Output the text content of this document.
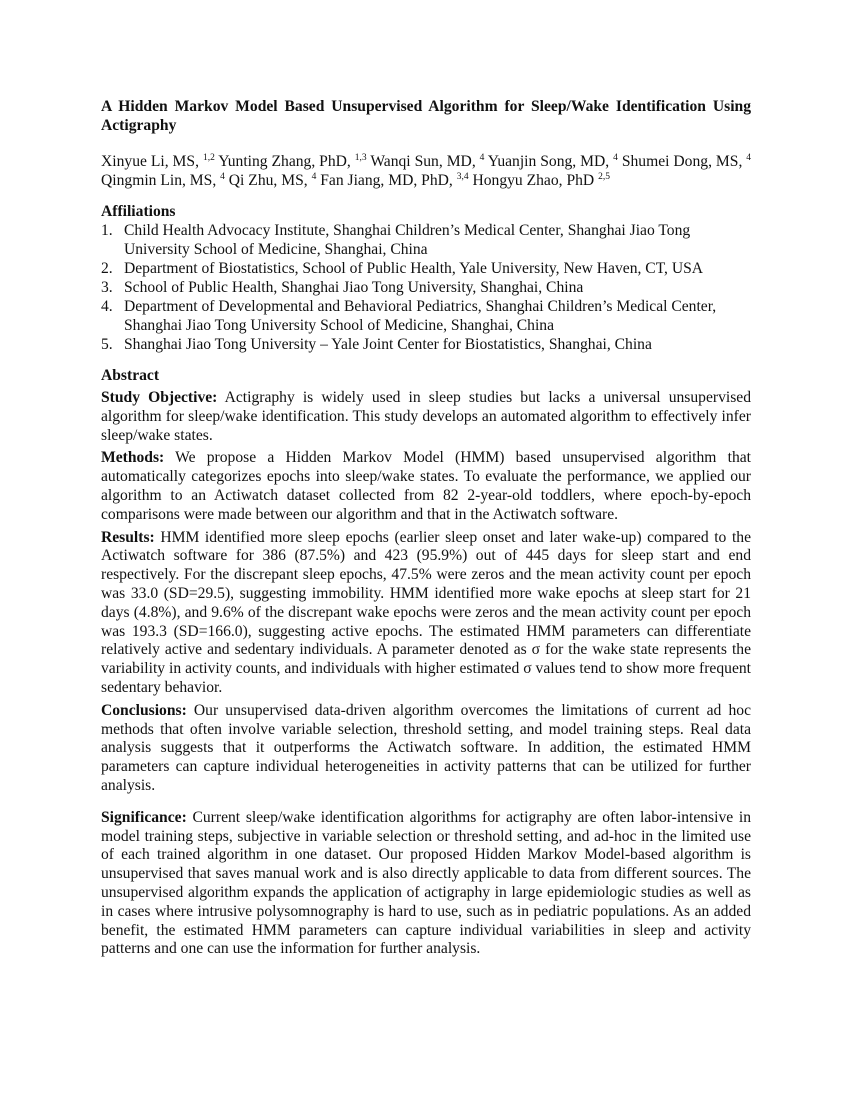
A Hidden Markov Model Based Unsupervised Algorithm for Sleep/Wake Identification Using Actigraphy
Xinyue Li, MS, $^{1,2}$ Yunting Zhang, PhD, $^{1,3}$ Wanqi Sun, MD, $^4$ Yuanjin Song, MD, $^4$ Shumei Dong, MS, $^4$ Qingmin Lin, MS, $^4$ Qi Zhu, MS, $^4$ Fan Jiang, MD, PhD, $^{3,4}$ Hongyu Zhao, PhD $^{2,5}$
Affiliations
1. Child Health Advocacy Institute, Shanghai Children’s Medical Center, Shanghai Jiao Tong University School of Medicine, Shanghai, China
2. Department of Biostatistics, School of Public Health, Yale University, New Haven, CT, USA
3. School of Public Health, Shanghai Jiao Tong University, Shanghai, China
4. Department of Developmental and Behavioral Pediatrics, Shanghai Children’s Medical Center, Shanghai Jiao Tong University School of Medicine, Shanghai, China
5. Shanghai Jiao Tong University – Yale Joint Center for Biostatistics, Shanghai, China
Abstract

Study Objective: Actigraphy is widely used in sleep studies but lacks a universal unsupervised algorithm for sleep/wake identification. This study develops an automated algorithm to effectively infer sleep/wake states.

Methods: We propose a Hidden Markov Model (HMM) based unsupervised algorithm that automatically categorizes epochs into sleep/wake states. To evaluate the performance, we applied our algorithm to an Actiwatch dataset collected from 82 2-year-old toddlers, where epoch-by-epoch comparisons were made between our algorithm and that in the Actiwatch software.

Results: HMM identified more sleep epochs (earlier sleep onset and later wake-up) compared to the Actiwatch software for 386 (87.5%) and 423 (95.9%) out of 445 days for sleep start and end respectively. For the discrepant sleep epochs, 47.5% were zeros and the mean activity count per epoch was 33.0 (SD=29.5), suggesting immobility. HMM identified more wake epochs at sleep start for 21 days (4.8%), and 9.6% of the discrepant wake epochs were zeros and the mean activity count per epoch was 193.3 (SD=166.0), suggesting active epochs. The estimated HMM parameters can differentiate relatively active and sedentary individuals. A parameter denoted as σ for the wake state represents the variability in activity counts, and individuals with higher estimated σ values tend to show more frequent sedentary behavior.

Conclusions: Our unsupervised data-driven algorithm overcomes the limitations of current ad hoc methods that often involve variable selection, threshold setting, and model training steps. Real data analysis suggests that it outperforms the Actiwatch software. In addition, the estimated HMM parameters can capture individual heterogeneities in activity patterns that can be utilized for further analysis.

Significance: Current sleep/wake identification algorithms for actigraphy are often labor-intensive in model training steps, subjective in variable selection or threshold setting, and ad-hoc in the limited use of each trained algorithm in one dataset. Our proposed Hidden Markov Model-based algorithm is unsupervised that saves manual work and is also directly applicable to data from different sources. The unsupervised algorithm expands the application of actigraphy in large epidemiologic studies as well as in cases where intrusive polysomnography is hard to use, such as in pediatric populations. As an added benefit, the estimated HMM parameters can capture individual variabilities in sleep and activity patterns and one can use the information for further analysis.
